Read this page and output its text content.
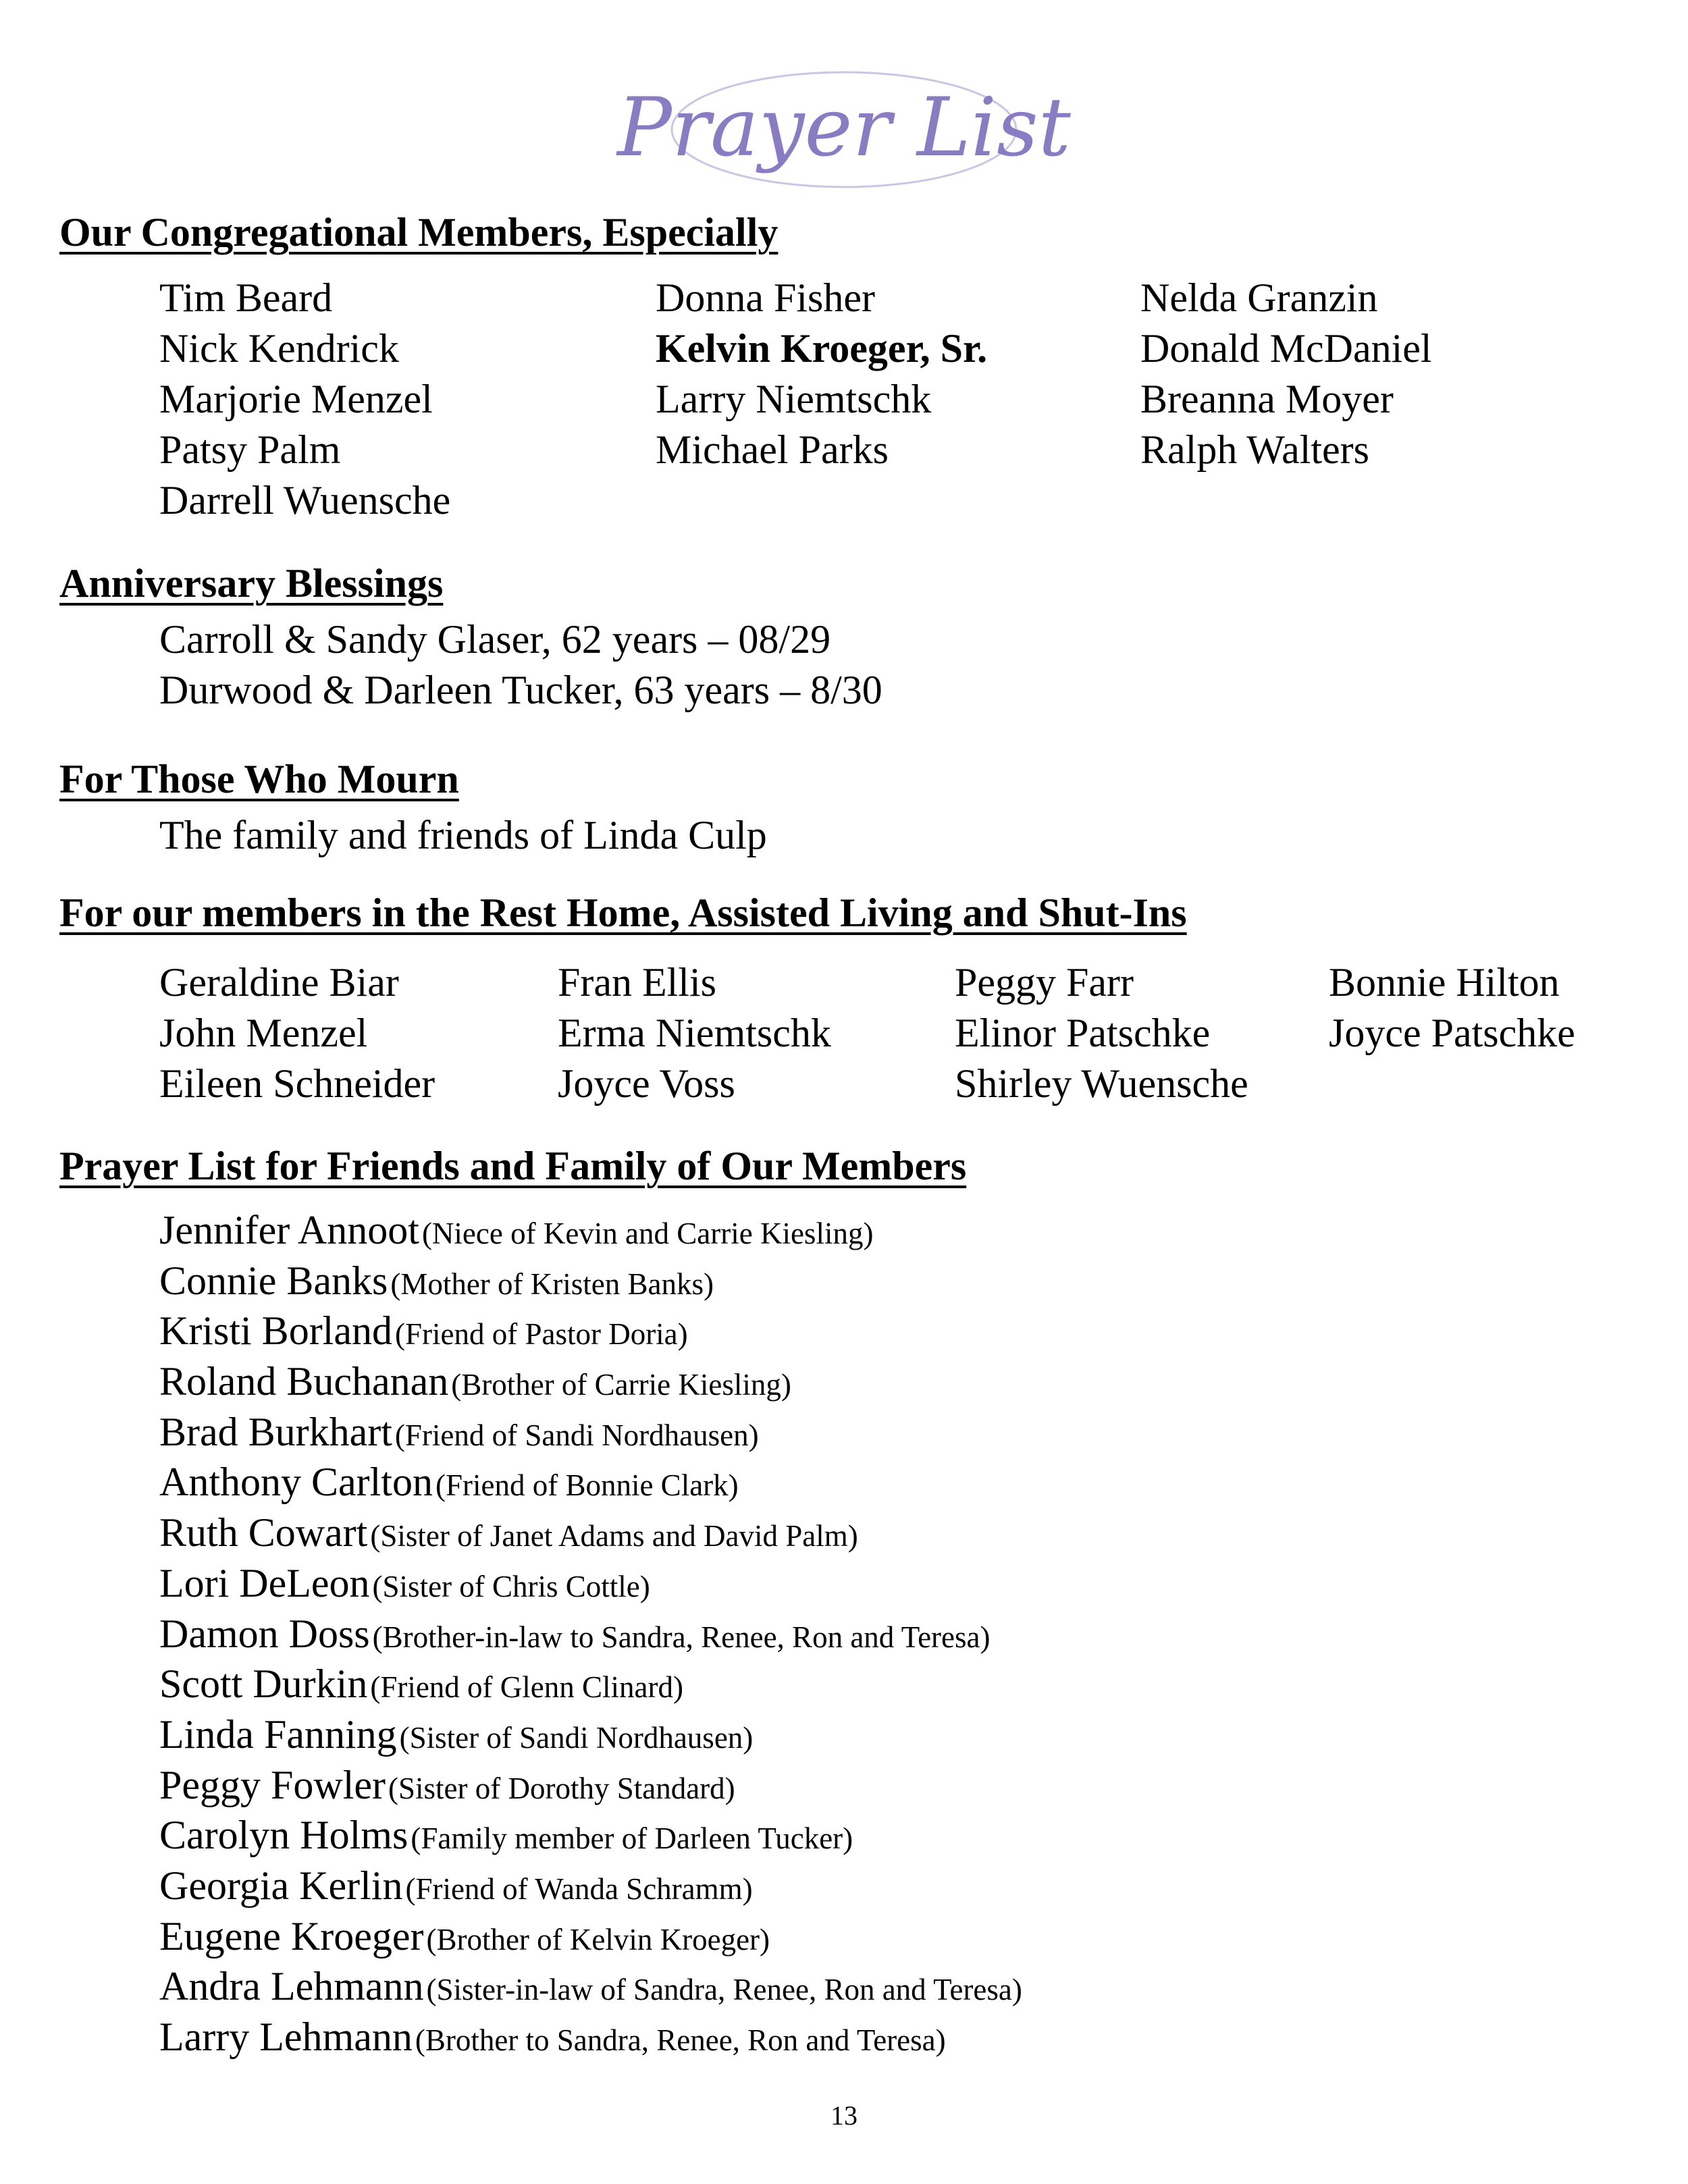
Prayer List
Our Congregational Members, Especially
Tim Beard	Donna Fisher	Nelda Granzin
Nick Kendrick	Kelvin Kroeger, Sr.	Donald McDaniel
Marjorie Menzel	Larry Niemtschk	Breanna Moyer
Patsy Palm	Michael Parks	Ralph Walters
Darrell Wuensche
Anniversary Blessings
Carroll & Sandy Glaser, 62 years – 08/29
Durwood & Darleen Tucker, 63 years – 8/30
For Those Who Mourn
The family and friends of Linda Culp
For our members in the Rest Home, Assisted Living and Shut-Ins
Geraldine Biar	Fran Ellis	Peggy Farr	Bonnie Hilton
John Menzel	Erma Niemtschk	Elinor Patschke	Joyce Patschke
Eileen Schneider	Joyce Voss	Shirley Wuensche
Prayer List for Friends and Family of Our Members
Jennifer Annoot (Niece of Kevin and Carrie Kiesling)
Connie Banks (Mother of Kristen Banks)
Kristi Borland (Friend of Pastor Doria)
Roland Buchanan (Brother of Carrie Kiesling)
Brad Burkhart (Friend of Sandi Nordhausen)
Anthony Carlton (Friend of Bonnie Clark)
Ruth Cowart (Sister of Janet Adams and David Palm)
Lori DeLeon (Sister of Chris Cottle)
Damon Doss (Brother-in-law to Sandra, Renee, Ron and Teresa)
Scott Durkin (Friend of Glenn Clinard)
Linda Fanning (Sister of Sandi Nordhausen)
Peggy Fowler (Sister of Dorothy Standard)
Carolyn Holms (Family member of Darleen Tucker)
Georgia Kerlin (Friend of Wanda Schramm)
Eugene Kroeger (Brother of Kelvin Kroeger)
Andra Lehmann (Sister-in-law of Sandra, Renee, Ron and Teresa)
Larry Lehmann (Brother to Sandra, Renee, Ron and Teresa)
13
